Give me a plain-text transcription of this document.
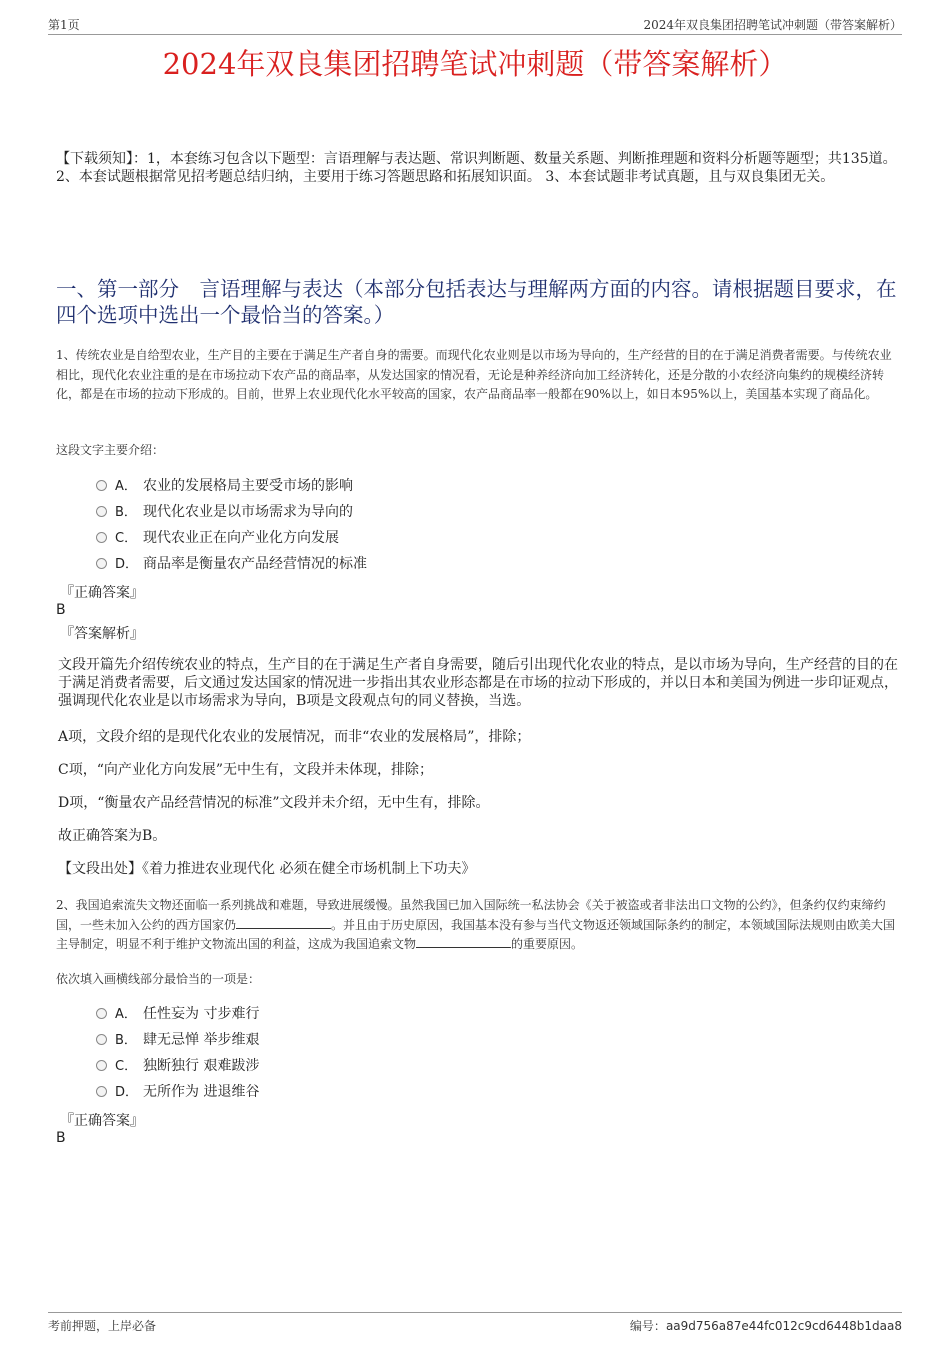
第1页	2024年双良集团招聘笔试冲刺题（带答案解析）
2024年双良集团招聘笔试冲刺题（带答案解析）
【下载须知】：1，本套练习包含以下题型：言语理解与表达题、常识判断题、数量关系题、判断推理题和资料分析题等题型；共135道。 2、本套试题根据常见招考题总结归纳，主要用于练习答题思路和拓展知识面。 3、本套试题非考试真题，且与双良集团无关。
一、第一部分　言语理解与表达（本部分包括表达与理解两方面的内容。请根据题目要求，在四个选项中选出一个最恰当的答案。）
1、传统农业是自给型农业，生产目的主要在于满足生产者自身的需要。而现代化农业则是以市场为导向的，生产经营的目的在于满足消费者需要。与传统农业相比，现代化农业注重的是在市场拉动下农产品的商品率，从发达国家的情况看，无论是种养经济向加工经济转化，还是分散的小农经济向集约的规模经济转化，都是在市场的拉动下形成的。目前，世界上农业现代化水平较高的国家，农产品商品率一般都在90%以上，如日本95%以上，美国基本实现了商品化。
这段文字主要介绍：
A． 农业的发展格局主要受市场的影响
B． 现代化农业是以市场需求为导向的
C． 现代农业正在向产业化方向发展
D． 商品率是衡量农产品经营情况的标准
『正确答案』
B
『答案解析』
文段开篇先介绍传统农业的特点，生产目的在于满足生产者自身需要，随后引出现代化农业的特点，是以市场为导向，生产经营的目的在于满足消费者需要，后文通过发达国家的情况进一步指出其农业形态都是在市场的拉动下形成的，并以日本和美国为例进一步印证观点，强调现代化农业是以市场需求为导向，B项是文段观点句的同义替换，当选。
A项，文段介绍的是现代化农业的发展情况，而非“农业的发展格局”，排除；
C项，“向产业化方向发展”无中生有，文段并未体现，排除；
D项，“衡量农产品经营情况的标准”文段并未介绍，无中生有，排除。
故正确答案为B。
【文段出处】《着力推进农业现代化 必须在健全市场机制上下功夫》
2、我国追索流失文物还面临一系列挑战和难题，导致进展缓慢。虽然我国已加入国际统一私法协会《关于被盗或者非法出口文物的公约》，但条约仅约束缔约国，一些未加入公约的西方国家仍	。并且由于历史原因，我国基本没有参与当代文物返还领域国际条约的制定，本领域国际法规则由欧美大国主导制定，明显不利于维护文物流出国的利益，这成为我国追索文物	的重要原因。
依次填入画横线部分最恰当的一项是：
A． 任性妄为 寸步难行
B． 肆无忌惮 举步维艰
C． 独断独行 艰难跋涉
D． 无所作为 进退维谷
『正确答案』
B
考前押题，上岸必备	编号：aa9d756a87e44fc012c9cd6448b1daa8
